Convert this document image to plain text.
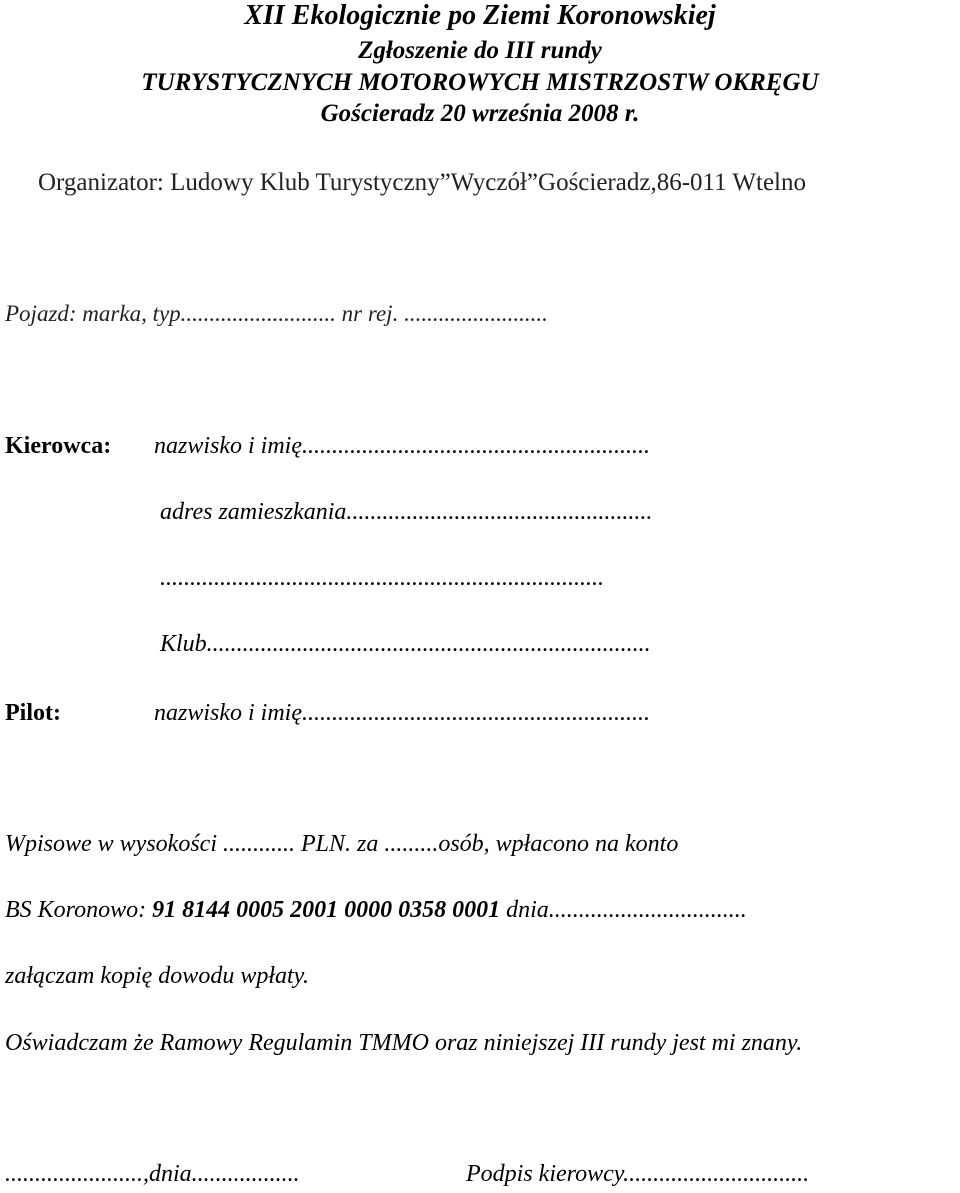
XII Ekologicznie po Ziemi Koronowskiej
Zgłoszenie do III rundy
TURYSTYCZNYCH MOTOROWYCH MISTRZOSTW OKRĘGU
Gościeradz 20 września 2008 r.
Organizator: Ludowy Klub Turystyczny”Wyczół”Gościeradz,86-011 Wtelno
Pojazd: marka, typ........................... nr rej. .........................
Kierowca: nazwisko i imię..........................................................
adres zamieszkania...................................................
..........................................................................
Klub..........................................................................
Pilot:	nazwisko i imię..........................................................
Wpisowe w wysokości ............ PLN. za .........osób, wpłacono na konto
BS Koronowo: 91 8144 0005 2001 0000 0358 0001 dnia.................................
załączam kopię dowodu wpłaty.
Oświadczam że Ramowy Regulamin TMMO oraz niniejszej III rundy jest mi znany.
.......................,dnia..................	Podpis kierowcy...............................
